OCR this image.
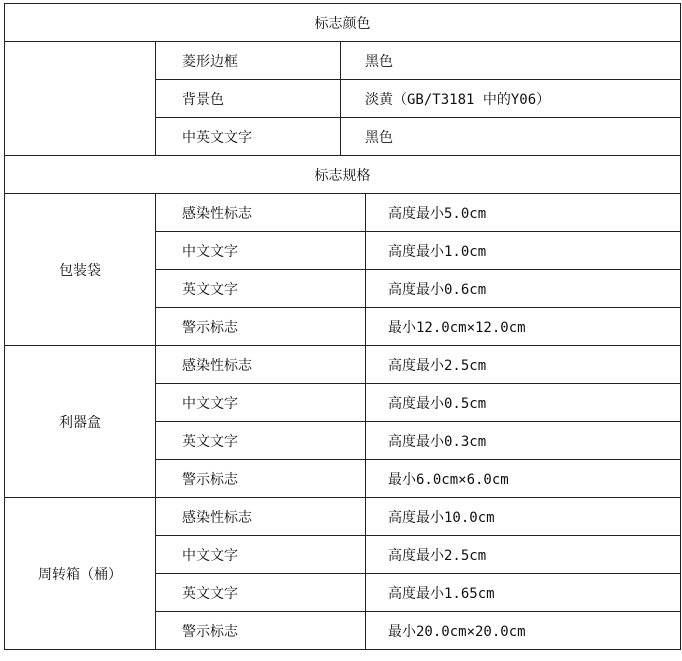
标志颜色			
	菱形边框	黑色	
	背景色	淡黄（GB/T3181 中的Y06）	
	中英文文字	黑色	
标志规格			
包装袋	感染性标志		高度最小5.0cm
	中文文字		高度最小1.0cm
	英文文字		高度最小0.6cm
	警示标志		最小12.0cm×12.0cm
利器盒	感染性标志		高度最小2.5cm
	中文文字		高度最小0.5cm
	英文文字		高度最小0.3cm
	警示标志		最小6.0cm×6.0cm
周转箱（桶）	感染性标志		高度最小10.0cm
	中文文字		高度最小2.5cm
	英文文字		高度最小1.65cm
	警示标志		最小20.0cm×20.0cm
